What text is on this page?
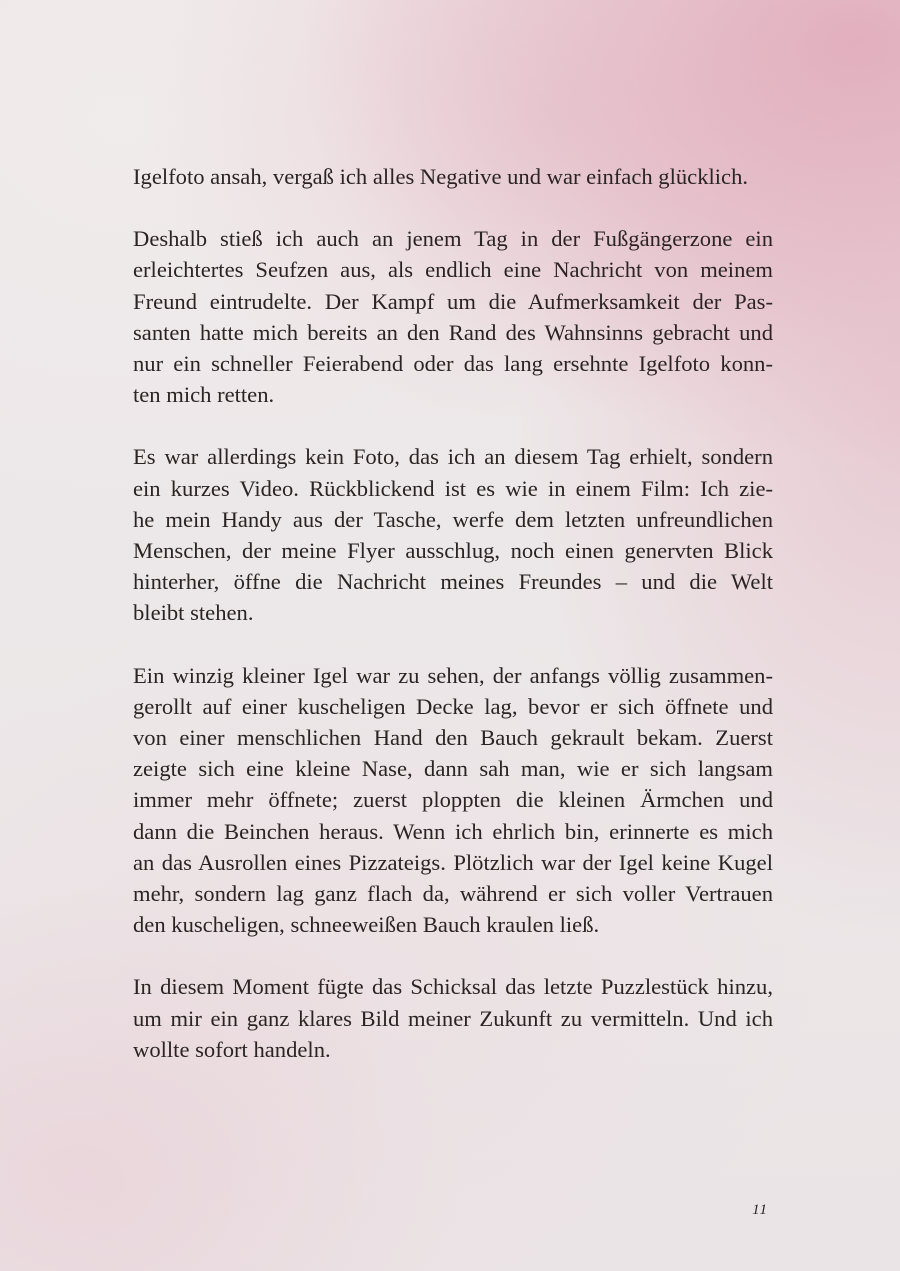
Igelfoto ansah, vergaß ich alles Negative und war einfach glücklich.

Deshalb stieß ich auch an jenem Tag in der Fußgängerzone ein
erleichtertes Seufzen aus, als endlich eine Nachricht von meinem
Freund eintrudelte. Der Kampf um die Aufmerksamkeit der Pas-
santen hatte mich bereits an den Rand des Wahnsinns gebracht und
nur ein schneller Feierabend oder das lang ersehnte Igelfoto konn-
ten mich retten.

Es war allerdings kein Foto, das ich an diesem Tag erhielt, sondern
ein kurzes Video. Rückblickend ist es wie in einem Film: Ich zie-
he mein Handy aus der Tasche, werfe dem letzten unfreundlichen
Menschen, der meine Flyer ausschlug, noch einen genervten Blick
hinterher, öffne die Nachricht meines Freundes – und die Welt
bleibt stehen.

Ein winzig kleiner Igel war zu sehen, der anfangs völlig zusammen-
gerollt auf einer kuscheligen Decke lag, bevor er sich öffnete und
von einer menschlichen Hand den Bauch gekrault bekam. Zuerst
zeigte sich eine kleine Nase, dann sah man, wie er sich langsam
immer mehr öffnete; zuerst ploppten die kleinen Ärmchen und
dann die Beinchen heraus. Wenn ich ehrlich bin, erinnerte es mich
an das Ausrollen eines Pizzateigs. Plötzlich war der Igel keine Kugel
mehr, sondern lag ganz flach da, während er sich voller Vertrauen
den kuscheligen, schneeweißen Bauch kraulen ließ.

In diesem Moment fügte das Schicksal das letzte Puzzlestück hinzu,
um mir ein ganz klares Bild meiner Zukunft zu vermitteln. Und ich
wollte sofort handeln.

11
